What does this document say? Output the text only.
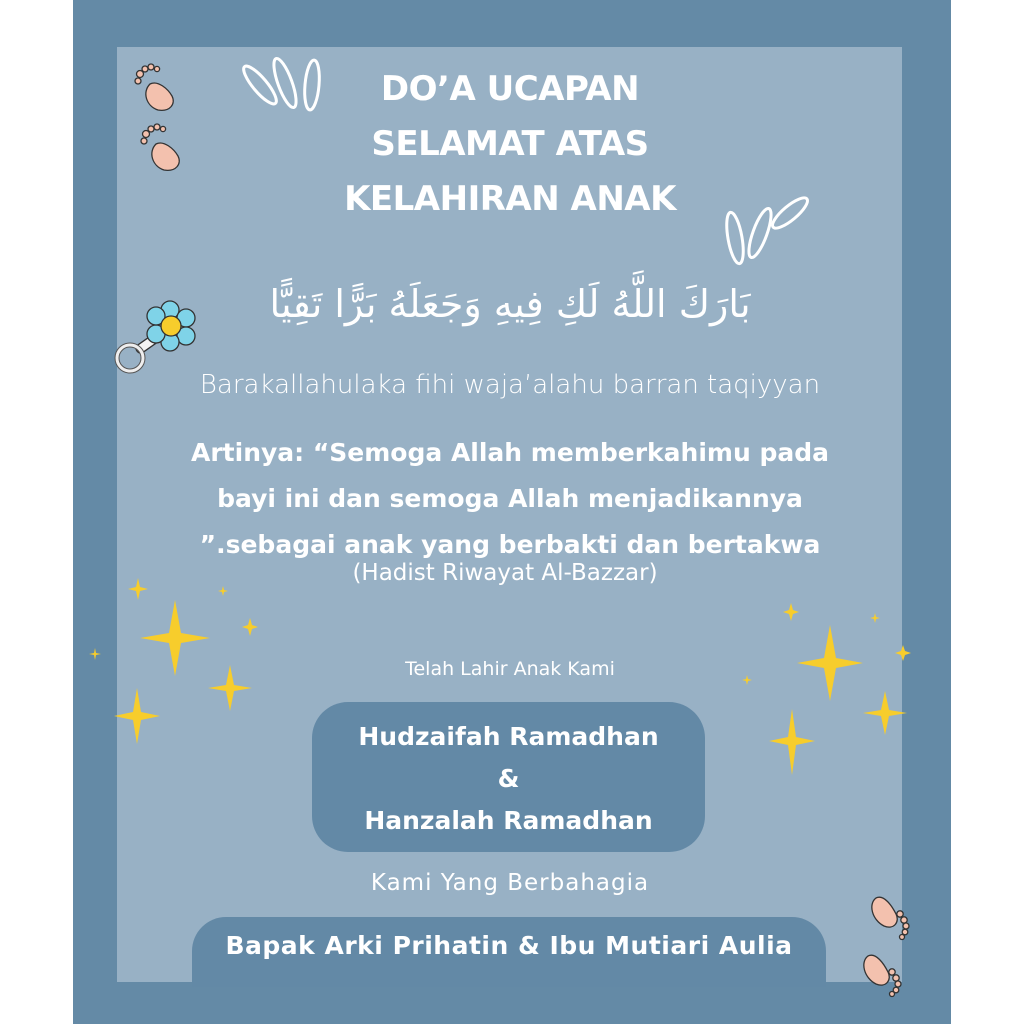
DO’A UCAPAN
SELAMAT ATAS
KELAHIRAN ANAK
بَارَكَ اللَّهُ لَكِ فِيهِ وَجَعَلَهُ بَرًّا تَقِيًّا
Barakallahulaka fihi waja’alahu barran taqiyyan
Artinya: “Semoga Allah memberkahimu pada
bayi ini dan semoga Allah menjadikannya
”.sebagai anak yang berbakti dan bertakwa
(Hadist Riwayat Al-Bazzar)
Telah Lahir Anak Kami
Hudzaifah Ramadhan
&
Hanzalah Ramadhan
Kami Yang Berbahagia
Bapak Arki Prihatin & Ibu Mutiari Aulia
